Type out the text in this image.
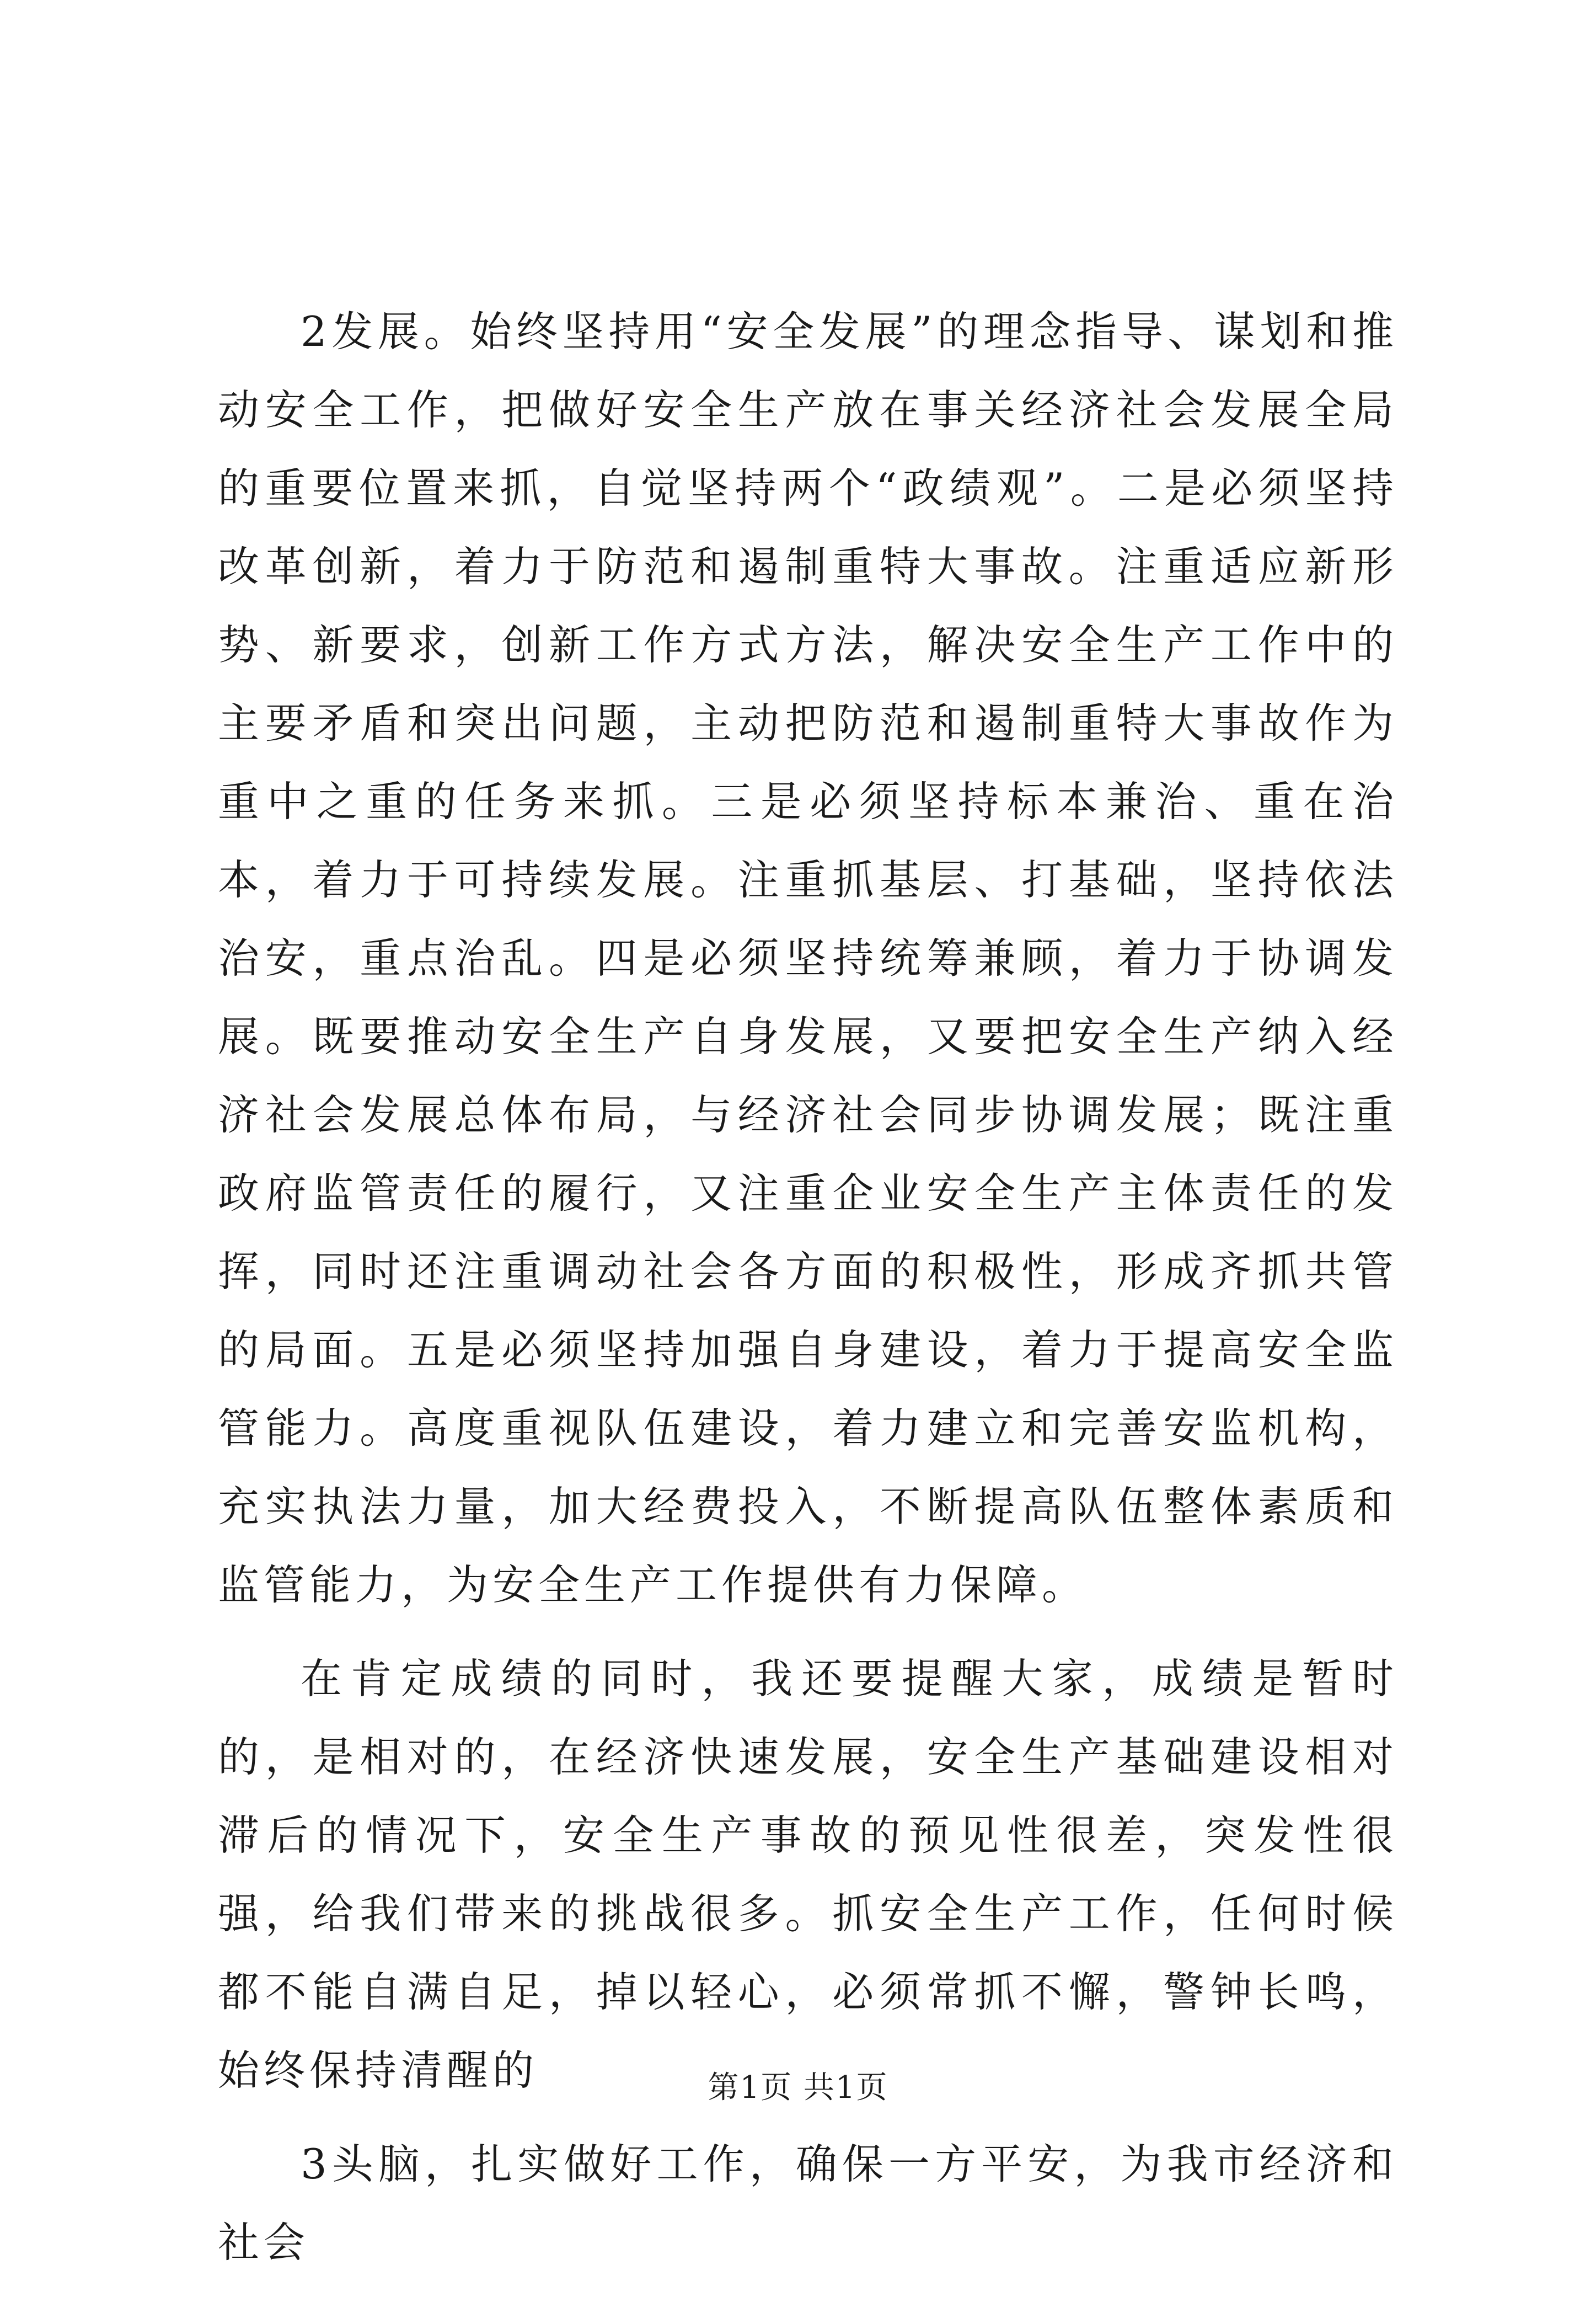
2发展。始终坚持用“安全发展”的理念指导、谋划和推动安全工作，把做好安全生产放在事关经济社会发展全局的重要位置来抓，自觉坚持两个“政绩观”。二是必须坚持改革创新，着力于防范和遏制重特大事故。注重适应新形势、新要求，创新工作方式方法，解决安全生产工作中的主要矛盾和突出问题，主动把防范和遏制重特大事故作为重中之重的任务来抓。三是必须坚持标本兼治、重在治本，着力于可持续发展。注重抓基层、打基础，坚持依法治安，重点治乱。四是必须坚持统筹兼顾，着力于协调发展。既要推动安全生产自身发展，又要把安全生产纳入经济社会发展总体布局，与经济社会同步协调发展；既注重政府监管责任的履行，又注重企业安全生产主体责任的发挥，同时还注重调动社会各方面的积极性，形成齐抓共管的局面。五是必须坚持加强自身建设，着力于提高安全监管能力。高度重视队伍建设，着力建立和完善安监机构，充实执法力量，加大经费投入，不断提高队伍整体素质和监管能力，为安全生产工作提供有力保障。

在肯定成绩的同时，我还要提醒大家，成绩是暂时的，是相对的，在经济快速发展，安全生产基础建设相对滞后的情况下，安全生产事故的预见性很差，突发性很强，给我们带来的挑战很多。抓安全生产工作，任何时候都不能自满自足，掉以轻心，必须常抓不懈，警钟长鸣，始终保持清醒的

3头脑，扎实做好工作，确保一方平安，为我市经济和社会

第1页 共1页
